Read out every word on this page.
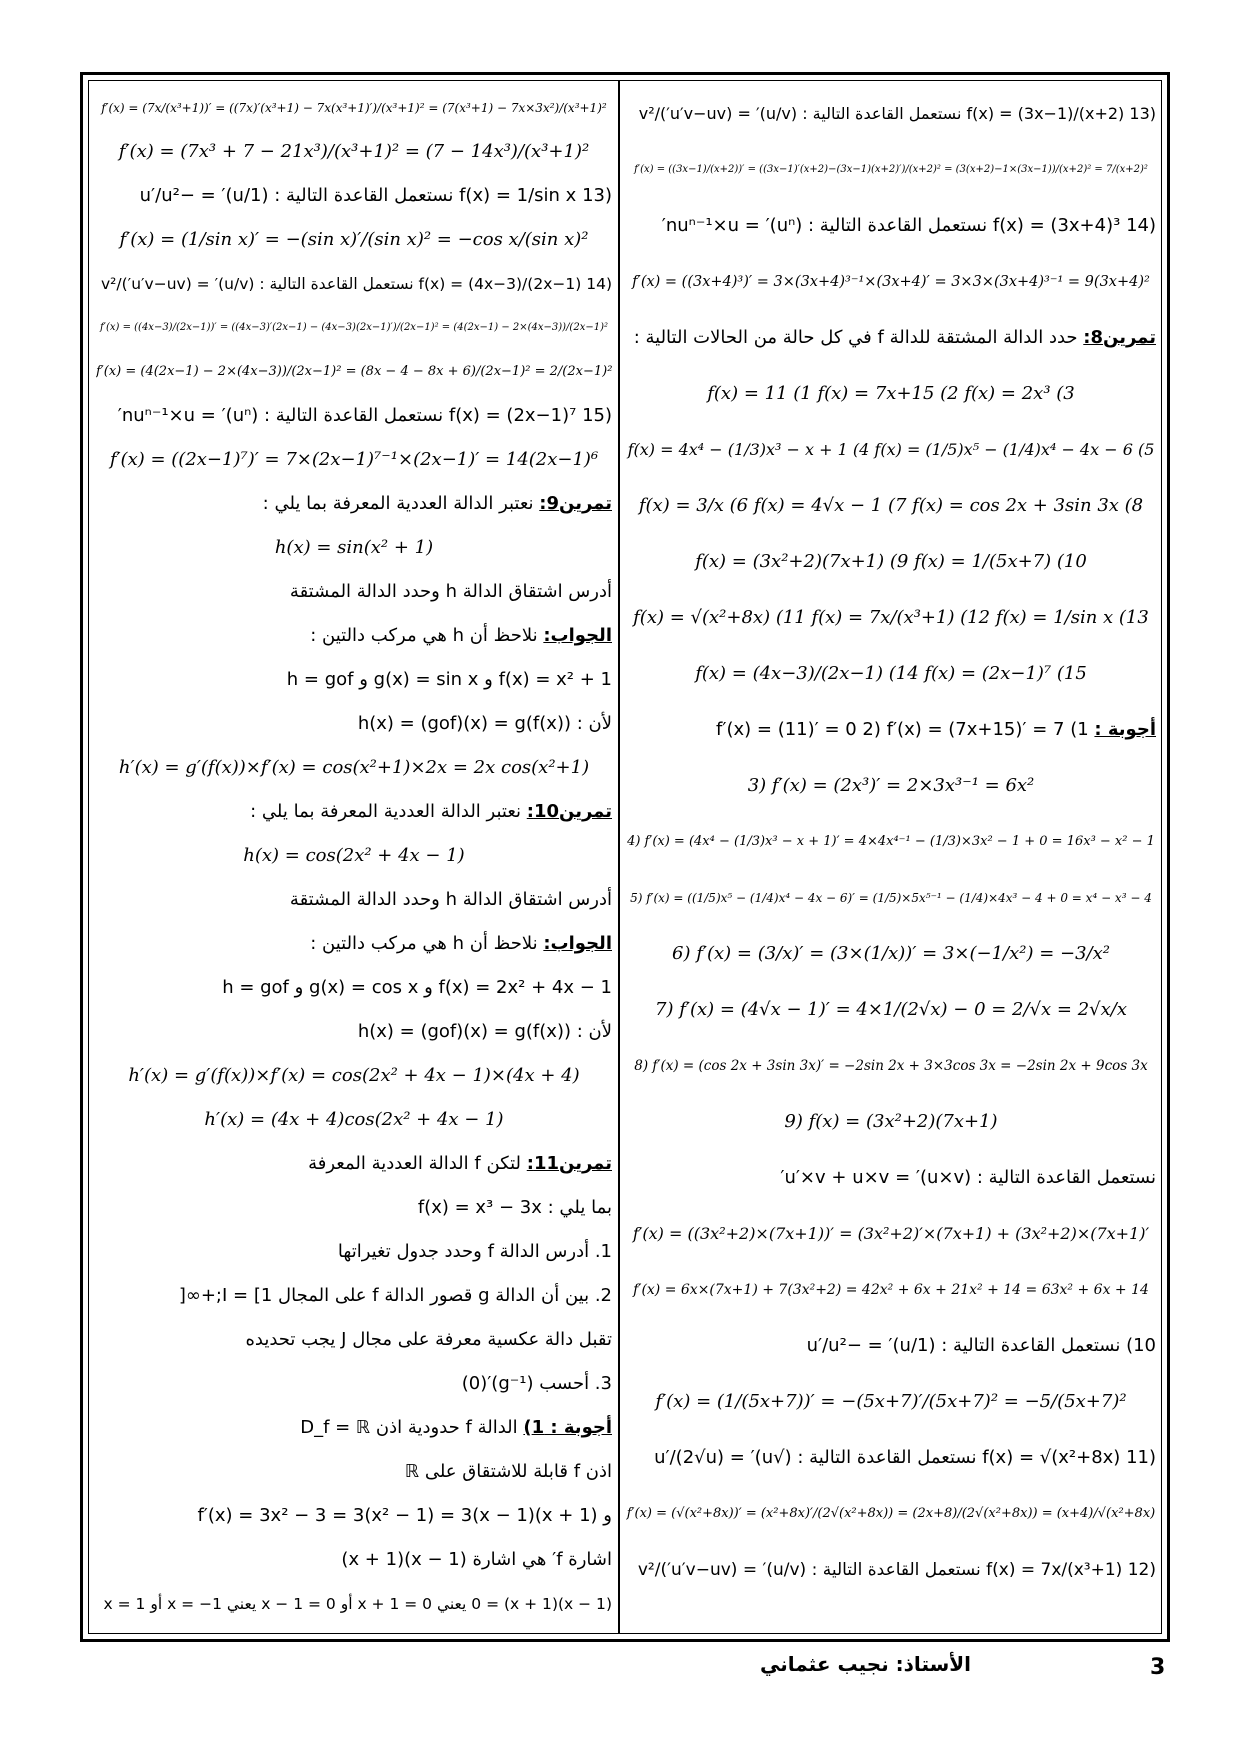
(13 f(x) = (3x−1)/(x+2) نستعمل القاعدة التالية : (u/v)′ = (u′v−uv′)/v²
f′(x) = ((3x−1)/(x+2))′ = ((3x−1)′(x+2)−(3x−1)(x+2)′)/(x+2)² = (3(x+2)−1×(3x−1))/(x+2)² = 7/(x+2)²
(14 f(x) = (3x+4)³ نستعمل القاعدة التالية : (uⁿ)′ = nuⁿ⁻¹×u′
f′(x) = ((3x+4)³)′ = 3×(3x+4)³⁻¹×(3x+4)′ = 3×3×(3x+4)³⁻¹ = 9(3x+4)²
تمرين8: حدد الدالة المشتقة للدالة f في كل حالة من الحالات التالية :
f(x) = 11 (1 f(x) = 7x+15 (2 f(x) = 2x³ (3
f(x) = 4x⁴ − (1/3)x³ − x + 1 (4 f(x) = (1/5)x⁵ − (1/4)x⁴ − 4x − 6 (5
f(x) = 3/x (6 f(x) = 4√x − 1 (7 f(x) = cos 2x + 3sin 3x (8
f(x) = (3x²+2)(7x+1) (9 f(x) = 1/(5x+7) (10
f(x) = √(x²+8x) (11 f(x) = 7x/(x³+1) (12 f(x) = 1/sin x (13
f(x) = (4x−3)/(2x−1) (14 f(x) = (2x−1)⁷ (15
أجوبة : 1) f′(x) = (11)′ = 0 2) f′(x) = (7x+15)′ = 7
3) f′(x) = (2x³)′ = 2×3x³⁻¹ = 6x²
4) f′(x) = (4x⁴ − (1/3)x³ − x + 1)′ = 4×4x⁴⁻¹ − (1/3)×3x² − 1 + 0 = 16x³ − x² − 1
5) f′(x) = ((1/5)x⁵ − (1/4)x⁴ − 4x − 6)′ = (1/5)×5x⁵⁻¹ − (1/4)×4x³ − 4 + 0 = x⁴ − x³ − 4
6) f′(x) = (3/x)′ = (3×(1/x))′ = 3×(−1/x²) = −3/x²
7) f′(x) = (4√x − 1)′ = 4×1/(2√x) − 0 = 2/√x = 2√x/x
8) f′(x) = (cos 2x + 3sin 3x)′ = −2sin 2x + 3×3cos 3x = −2sin 2x + 9cos 3x
9) f(x) = (3x²+2)(7x+1)
نستعمل القاعدة التالية : (u×v)′ = u′×v + u×v′
f′(x) = ((3x²+2)×(7x+1))′ = (3x²+2)′×(7x+1) + (3x²+2)×(7x+1)′
f′(x) = 6x×(7x+1) + 7(3x²+2) = 42x² + 6x + 21x² + 14 = 63x² + 6x + 14
10) نستعمل القاعدة التالية : (1/u)′ = −u′/u²
f′(x) = (1/(5x+7))′ = −(5x+7)′/(5x+7)² = −5/(5x+7)²
(11 f(x) = √(x²+8x) نستعمل القاعدة التالية : (√u)′ = u′/(2√u)
f′(x) = (√(x²+8x))′ = (x²+8x)′/(2√(x²+8x)) = (2x+8)/(2√(x²+8x)) = (x+4)/√(x²+8x)
(12 f(x) = 7x/(x³+1) نستعمل القاعدة التالية : (u/v)′ = (u′v−uv′)/v²
f′(x) = (7x/(x³+1))′ = ((7x)′(x³+1) − 7x(x³+1)′)/(x³+1)² = (7(x³+1) − 7x×3x²)/(x³+1)²
f′(x) = (7x³ + 7 − 21x³)/(x³+1)² = (7 − 14x³)/(x³+1)²
(13 f(x) = 1/sin x نستعمل القاعدة التالية : (1/u)′ = −u′/u²
f′(x) = (1/sin x)′ = −(sin x)′/(sin x)² = −cos x/(sin x)²
(14 f(x) = (4x−3)/(2x−1) نستعمل القاعدة التالية : (u/v)′ = (u′v−uv′)/v²
f′(x) = ((4x−3)/(2x−1))′ = ((4x−3)′(2x−1) − (4x−3)(2x−1)′)/(2x−1)² = (4(2x−1) − 2×(4x−3))/(2x−1)²
f′(x) = (4(2x−1) − 2×(4x−3))/(2x−1)² = (8x − 4 − 8x + 6)/(2x−1)² = 2/(2x−1)²
(15 f(x) = (2x−1)⁷ نستعمل القاعدة التالية : (uⁿ)′ = nuⁿ⁻¹×u′
f′(x) = ((2x−1)⁷)′ = 7×(2x−1)⁷⁻¹×(2x−1)′ = 14(2x−1)⁶
تمرين9: نعتبر الدالة العددية المعرفة بما يلي :
h(x) = sin(x² + 1)
أدرس اشتقاق الدالة h وحدد الدالة المشتقة
الجواب: نلاحظ أن h هي مركب دالتين :
f(x) = x² + 1 و g(x) = sin x و h = gof
لأن : h(x) = (gof)(x) = g(f(x))
h′(x) = g′(f(x))×f′(x) = cos(x²+1)×2x = 2x cos(x²+1)
تمرين10: نعتبر الدالة العددية المعرفة بما يلي :
h(x) = cos(2x² + 4x − 1)
أدرس اشتقاق الدالة h وحدد الدالة المشتقة
الجواب: نلاحظ أن h هي مركب دالتين :
f(x) = 2x² + 4x − 1 و g(x) = cos x و h = gof
لأن : h(x) = (gof)(x) = g(f(x))
h′(x) = g′(f(x))×f′(x) = cos(2x² + 4x − 1)×(4x + 4)
h′(x) = (4x + 4)cos(2x² + 4x − 1)
تمرين11: لتكن f الدالة العددية المعرفة
بما يلي : f(x) = x³ − 3x
1. أدرس الدالة f وحدد جدول تغيراتها
2. بين أن الدالة g قصور الدالة f على المجال I = [1;+∞[
تقبل دالة عكسية معرفة على مجال J يجب تحديده
3. أحسب (g⁻¹)′(0)
أجوبة : 1) الدالة f حدودية اذن D_f = ℝ
اذن f قابلة للاشتقاق على ℝ
و f′(x) = 3x² − 3 = 3(x² − 1) = 3(x − 1)(x + 1)
اشارة f′ هي اشارة (x − 1)(x + 1)
(x − 1)(x + 1) = 0 يعني x + 1 = 0 أو x − 1 = 0 يعني x = −1 أو x = 1
3
الأستاذ: نجيب عثماني
